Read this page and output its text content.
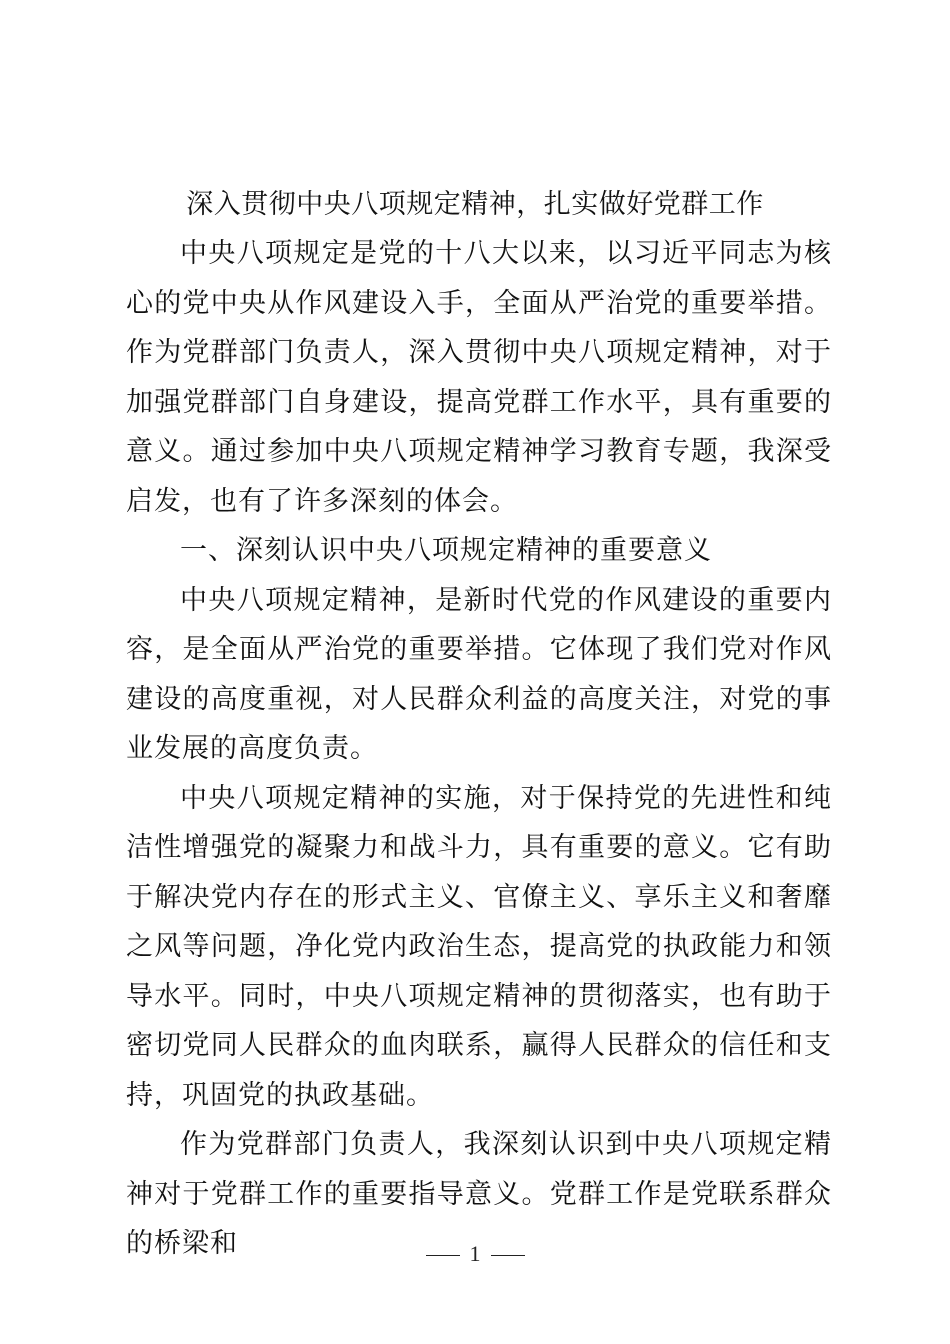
深入贯彻中央八项规定精神，扎实做好党群工作

中央八项规定是党的十八大以来，以习近平同志为核心的党中央从作风建设入手，全面从严治党的重要举措。作为党群部门负责人，深入贯彻中央八项规定精神，对于加强党群部门自身建设，提高党群工作水平，具有重要的意义。通过参加中央八项规定精神学习教育专题，我深受启发，也有了许多深刻的体会。

一、深刻认识中央八项规定精神的重要意义

中央八项规定精神，是新时代党的作风建设的重要内容，是全面从严治党的重要举措。它体现了我们党对作风建设的高度重视，对人民群众利益的高度关注，对党的事业发展的高度负责。

中央八项规定精神的实施，对于保持党的先进性和纯洁性增强党的凝聚力和战斗力，具有重要的意义。它有助于解决党内存在的形式主义、官僚主义、享乐主义和奢靡之风等问题，净化党内政治生态，提高党的执政能力和领导水平。同时，中央八项规定精神的贯彻落实，也有助于密切党同人民群众的血肉联系，赢得人民群众的信任和支持，巩固党的执政基础。

作为党群部门负责人，我深刻认识到中央八项规定精神对于党群工作的重要指导意义。党群工作是党联系群众的桥梁和	1
